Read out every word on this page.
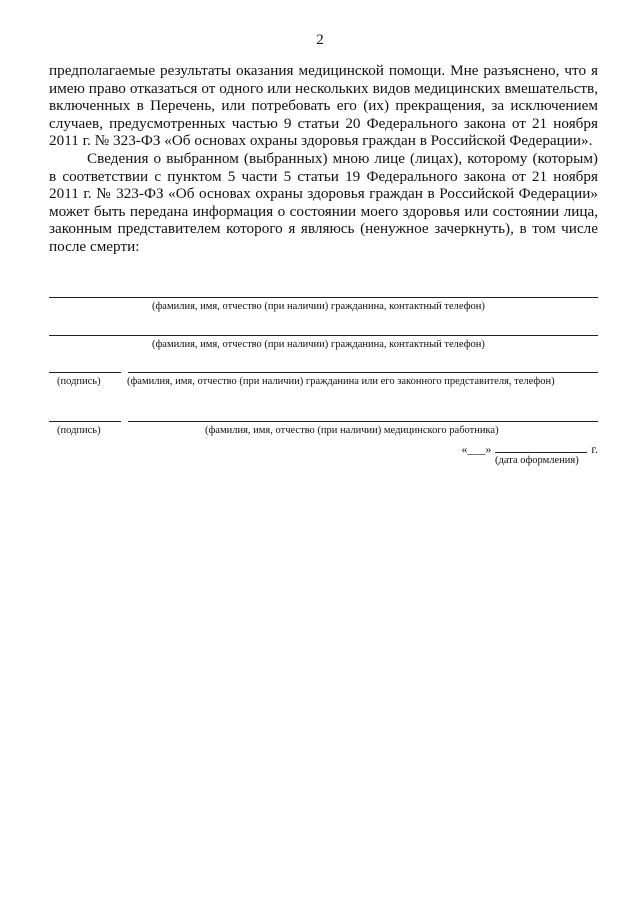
2

предполагаемые результаты оказания медицинской помощи. Мне разъяснено, что я имею право отказаться от одного или нескольких видов медицинских вмешательств, включенных в Перечень, или потребовать его (их) прекращения, за исключением случаев, предусмотренных частью 9 статьи 20 Федерального закона от 21 ноября 2011 г. № 323-ФЗ «Об основах охраны здоровья граждан в Российской Федерации».

Сведения о выбранном (выбранных) мною лице (лицах), которому (которым) в соответствии с пунктом 5 части 5 статьи 19 Федерального закона от 21 ноября 2011 г. № 323-ФЗ «Об основах охраны здоровья граждан в Российской Федерации» может быть передана информация о состоянии моего здоровья или состоянии лица, законным представителем которого я являюсь (ненужное зачеркнуть), в том числе после смерти:

(фамилия, имя, отчество (при наличии) гражданина, контактный телефон)
(фамилия, имя, отчество (при наличии) гражданина, контактный телефон)
(подпись)	(фамилия, имя, отчество (при наличии) гражданина или его законного представителя, телефон)
(подпись)	(фамилия, имя, отчество (при наличии) медицинского работника)
«___»	г.
(дата оформления)
